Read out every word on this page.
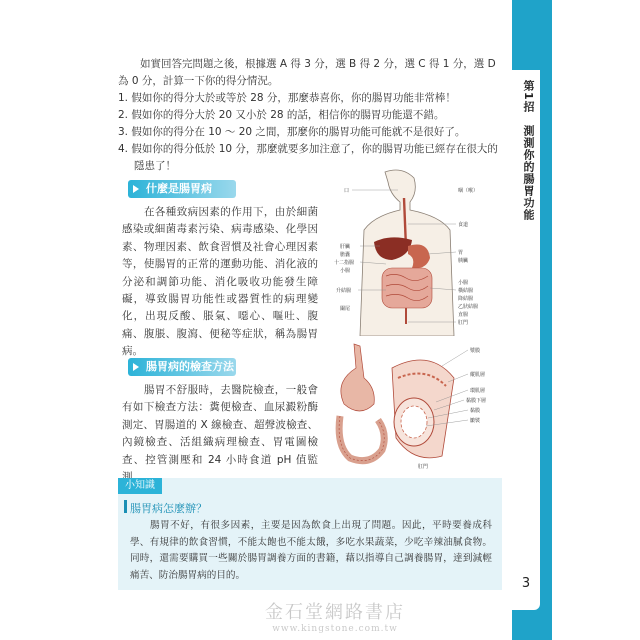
第1招　測測你的腸胃功能
3

如實回答完問題之後，根據選 A 得 3 分，選 B 得 2 分，選 C 得 1 分，選 D 為 0 分，計算一下你的得分情況。

1. 假如你的得分大於或等於 28 分，那麼恭喜你，你的腸胃功能非常棒！
2. 假如你的得分大於 20 又小於 28 的話，相信你的腸胃功能還不錯。
3. 假如你的得分在 10 ～ 20 之間，那麼你的腸胃功能可能就不是很好了。
4. 假如你的得分低於 10 分，那麼就要多加注意了，你的腸胃功能已經存在很大的隱患了！
什麼是腸胃病

在各種致病因素的作用下，由於細菌感染或細菌毒素污染、病毒感染、化學因素、物理因素、飲食習慣及社會心理因素等，使腸胃的正常的運動功能、消化液的分泌和調節功能、消化吸收功能發生障礙，導致腸胃功能性或器質性的病理變化，出現反酸、脹氣、噁心、嘔吐、腹痛、腹脹、腹瀉、便秘等症狀，稱為腸胃病。

腸胃病的檢查方法

腸胃不舒服時，去醫院檢查，一般會有如下檢查方法：糞便檢查、血尿澱粉酶測定、胃腸道的 X 線檢查、超聲波檢查、內鏡檢查、活組織病理檢查、胃電圖檢查、控管測壓和 24 小時食道 pH 值監

口
肝臟
膽囊
十二指腸
小腸
升結腸
闌尾
咽（喉）
食道
胃
胰臟
小腸
橫結腸
降結腸
乙狀結腸
直腸
肛門
漿膜
縱肌層
環肌層
黏膜下層
黏膜
皺襞
肛門
小知識
腸胃病怎麼辦？

腸胃不好，有很多因素，主要是因為飲食上出現了問題。因此，平時要養成科學、有規律的飲食習慣，不能太飽也不能太餓，多吃水果蔬菜，少吃辛辣油膩食物。同時，還需要購買一些關於腸胃調養方面的書籍，藉以指導自己調養腸胃，達到減輕痛苦、防治腸胃病的目的。

金石堂網路書店
www.kingstone.com.tw
